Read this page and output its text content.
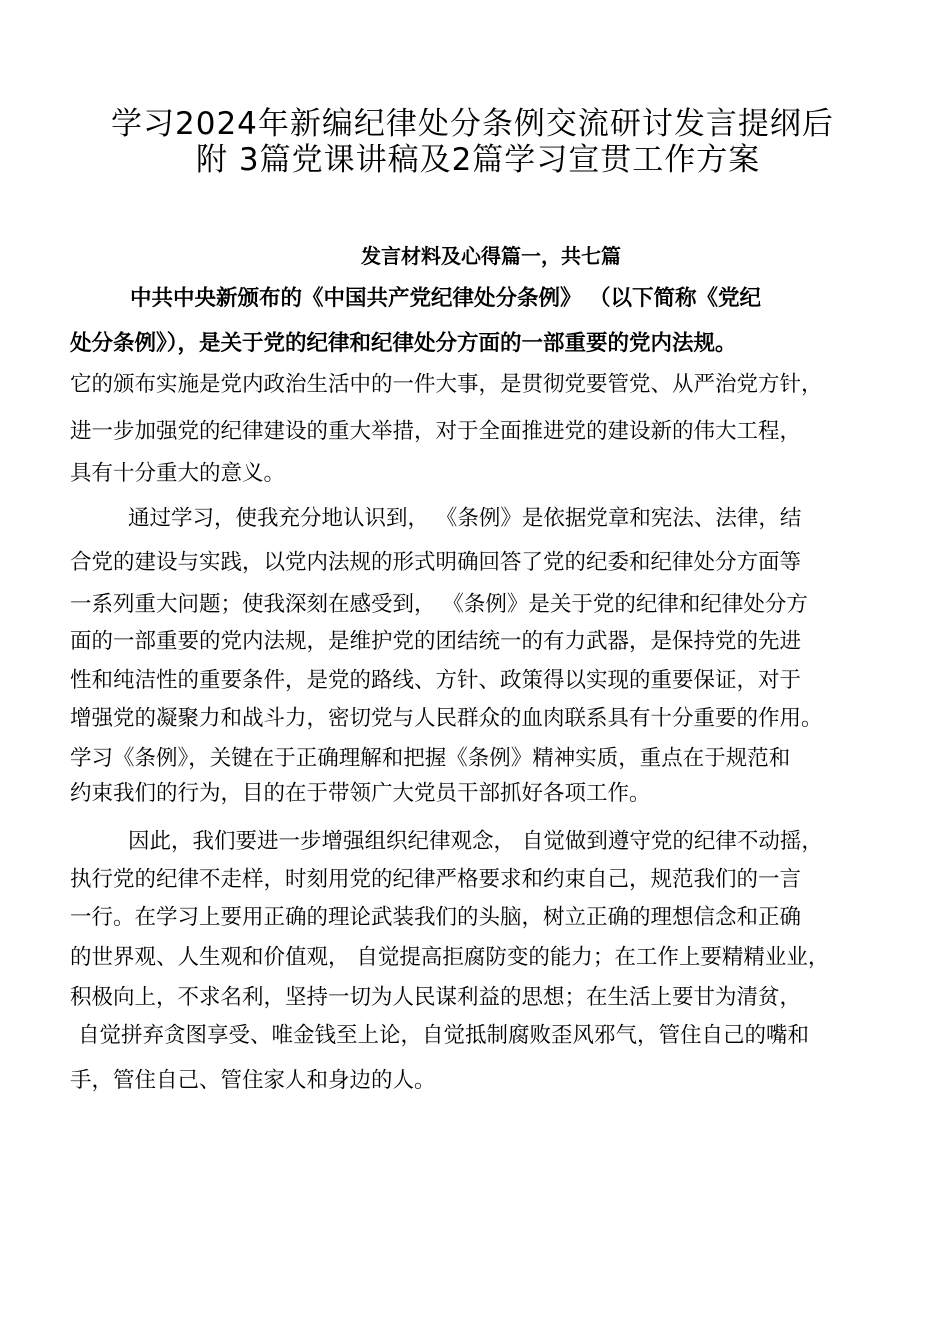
学习2024年新编纪律处分条例交流研讨发言提纲后
附 3篇党课讲稿及2篇学习宣贯工作方案
发言材料及心得篇一，共七篇
中共中央新颁布的《中国共产党纪律处分条例》 （以下简称《党纪
处分条例》），是关于党的纪律和纪律处分方面的一部重要的党内法规。
它的颁布实施是党内政治生活中的一件大事，是贯彻党要管党、从严治党方针，
进一步加强党的纪律建设的重大举措，对于全面推进党的建设新的伟大工程，
具有十分重大的意义。
通过学习，使我充分地认识到， 《条例》是依据党章和宪法、法律，结
合党的建设与实践，以党内法规的形式明确回答了党的纪委和纪律处分方面等
一系列重大问题；使我深刻在感受到， 《条例》是关于党的纪律和纪律处分方
面的一部重要的党内法规，是维护党的团结统一的有力武器，是保持党的先进
性和纯洁性的重要条件，是党的路线、方针、政策得以实现的重要保证，对于
增强党的凝聚力和战斗力，密切党与人民群众的血肉联系具有十分重要的作用。
学习《条例》，关键在于正确理解和把握《条例》精神实质，重点在于规范和
约束我们的行为，目的在于带领广大党员干部抓好各项工作。
因此，我们要进一步增强组织纪律观念， 自觉做到遵守党的纪律不动摇，
执行党的纪律不走样，时刻用党的纪律严格要求和约束自己，规范我们的一言
一行。在学习上要用正确的理论武装我们的头脑，树立正确的理想信念和正确
的世界观、人生观和价值观， 自觉提高拒腐防变的能力；在工作上要精精业业，
积极向上，不求名利，坚持一切为人民谋利益的思想；在生活上要甘为清贫，
自觉拼弃贪图享受、唯金钱至上论，自觉抵制腐败歪风邪气，管住自己的嘴和
手，管住自己、管住家人和身边的人。
